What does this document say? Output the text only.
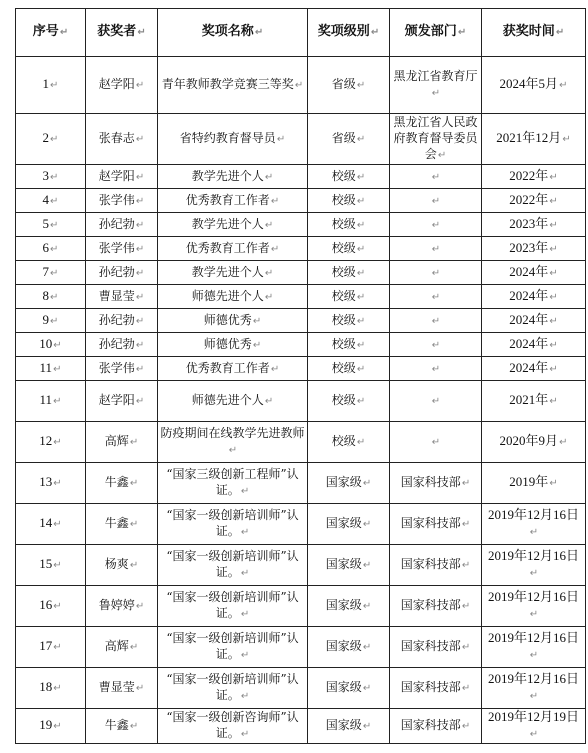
序号↵	获奖者↵	奖项名称↵	奖项级别↵	颁发部门↵	获奖时间↵
1↵	赵学阳↵	青年教师教学竞赛三等奖↵	省级↵	黑龙江省教育厅↵	2024年5月↵
2↵	张春志↵	省特约教育督导员↵	省级↵	黑龙江省人民政府教育督导委员会↵	2021年12月↵
3↵	赵学阳↵	教学先进个人↵	校级↵	↵	2022年↵
4↵	张学伟↵	优秀教育工作者↵	校级↵	↵	2022年↵
5↵	孙纪勃↵	教学先进个人↵	校级↵	↵	2023年↵
6↵	张学伟↵	优秀教育工作者↵	校级↵	↵	2023年↵
7↵	孙纪勃↵	教学先进个人↵	校级↵	↵	2024年↵
8↵	曹显莹↵	师德先进个人↵	校级↵	↵	2024年↵
9↵	孙纪勃↵	师德优秀↵	校级↵	↵	2024年↵
10↵	孙纪勃↵	师德优秀↵	校级↵	↵	2024年↵
11↵	张学伟↵	优秀教育工作者↵	校级↵	↵	2024年↵
11↵	赵学阳↵	师德先进个人↵	校级↵	↵	2021年↵
12↵	高辉↵	防疫期间在线教学先进教师↵	校级↵	↵	2020年9月↵
13↵	牛鑫↵	“国家三级创新工程师”认证。↵	国家级↵	国家科技部↵	2019年↵
14↵	牛鑫↵	“国家一级创新培训师”认证。↵	国家级↵	国家科技部↵	2019年12月16日↵
15↵	杨爽↵	“国家一级创新培训师”认证。↵	国家级↵	国家科技部↵	2019年12月16日↵
16↵	鲁婷婷↵	“国家一级创新培训师”认证。↵	国家级↵	国家科技部↵	2019年12月16日↵
17↵	高辉↵	“国家一级创新培训师”认证。↵	国家级↵	国家科技部↵	2019年12月16日↵
18↵	曹显莹↵	“国家一级创新培训师”认证。↵	国家级↵	国家科技部↵	2019年12月16日↵
19↵	牛鑫↵	“国家一级创新咨询师”认证。↵	国家级↵	国家科技部↵	2019年12月19日↵
